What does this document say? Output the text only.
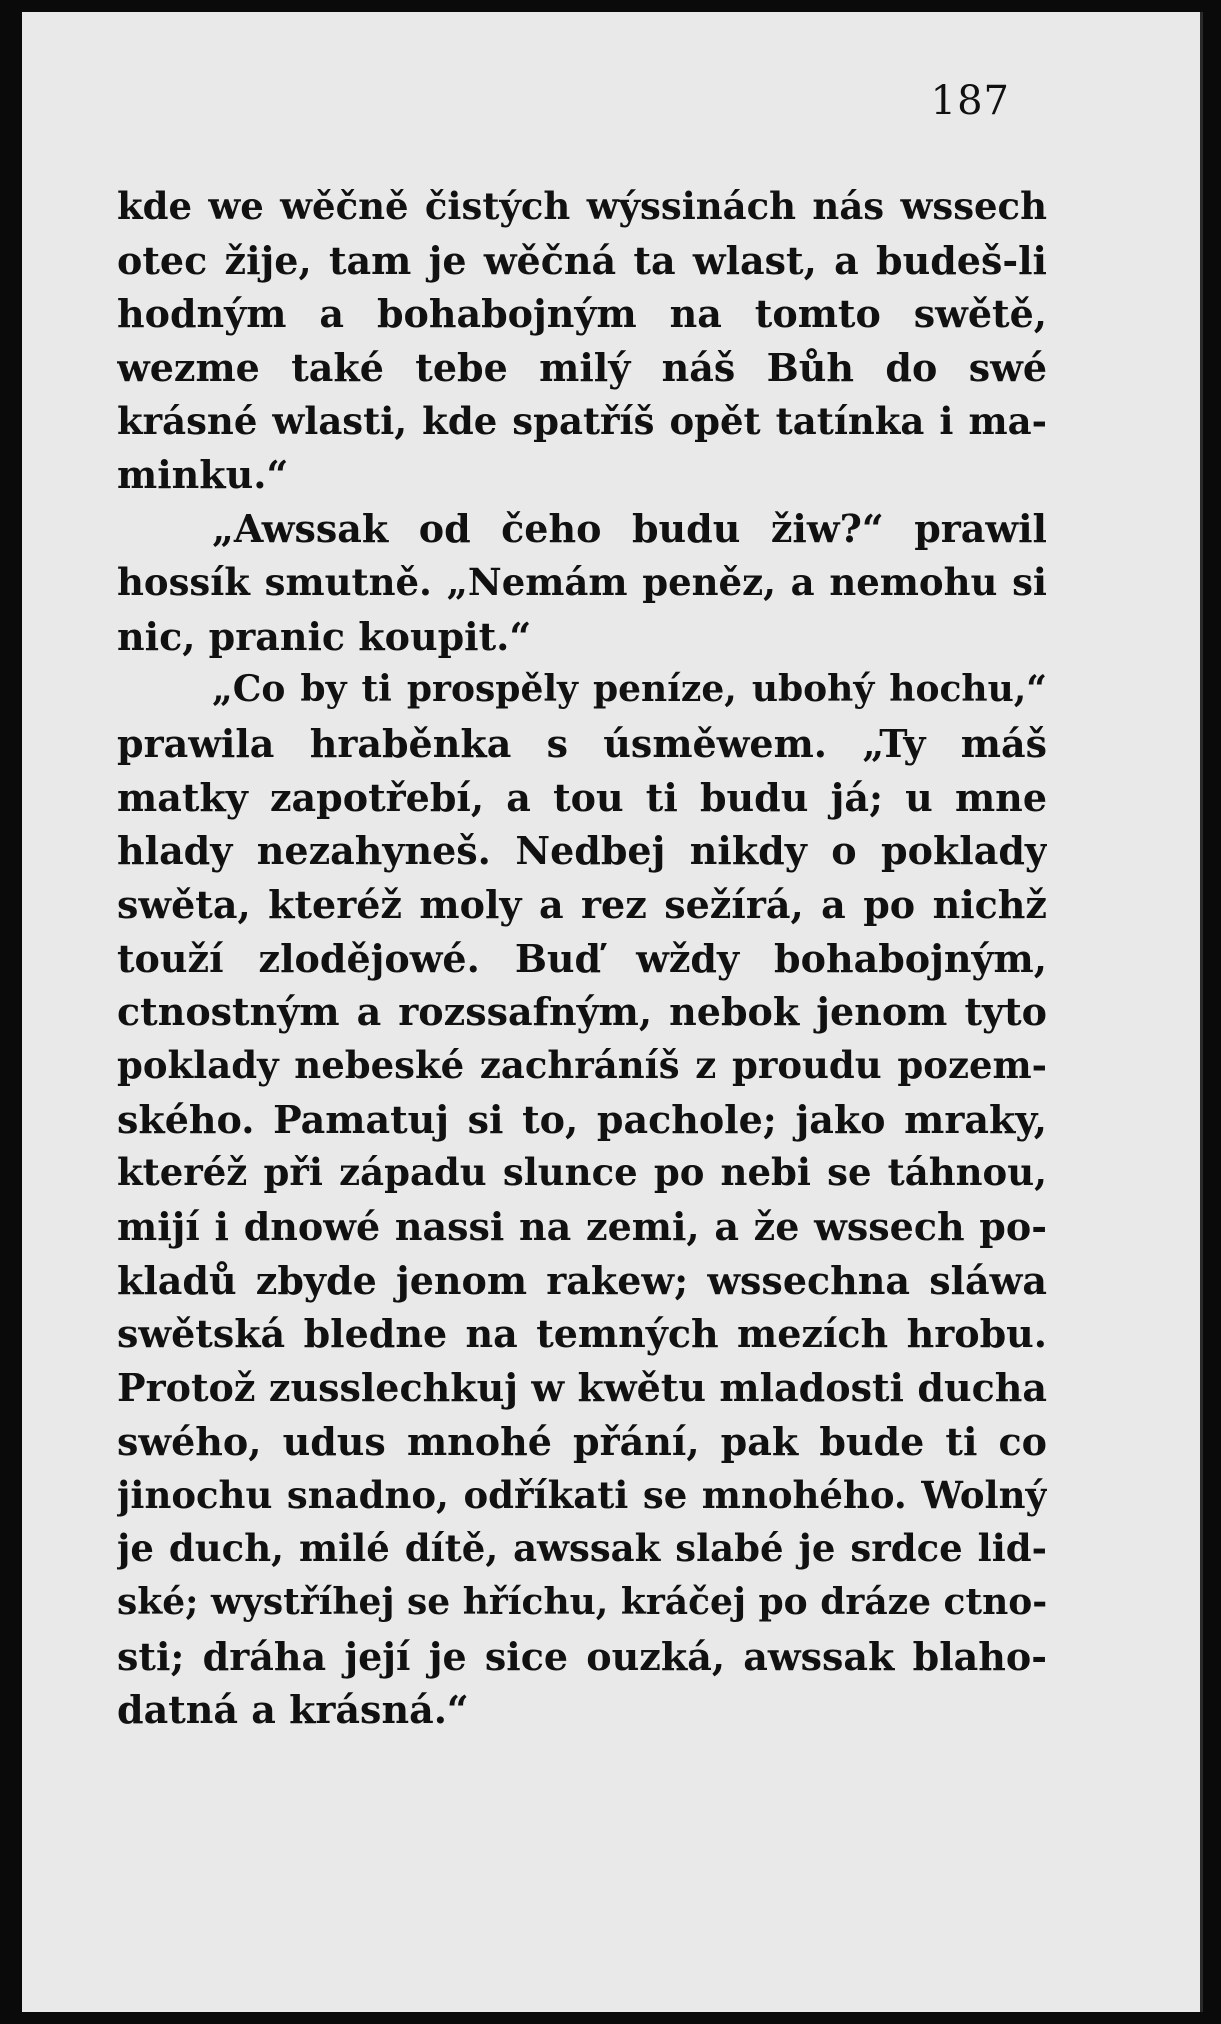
187
kde we wěčně čistých wýssinách nás wssech
otec žije, tam je wěčná ta wlast, a budeš-li
hodným a bohabojným na tomto swětě,
wezme také tebe milý náš Bůh do swé
krásné wlasti, kde spatříš opět tatínka i ma-
minku.“
„Awssak od čeho budu žiw?“ prawil
hossík smutně. „Nemám peněz, a nemohu si
nic, pranic koupit.“
„Co by ti prospěly peníze, ubohý hochu,“
prawila hraběnka s úsměwem. „Ty máš
matky zapotřebí, a tou ti budu já; u mne
hlady nezahyneš. Nedbej nikdy o poklady
swěta, kteréž moly a rez sežírá, a po nichž
touží zlodějowé. Buď wždy bohabojným,
ctnostným a rozssafným, nebok jenom tyto
poklady nebeské zachráníš z proudu pozem-
ského. Pamatuj si to, pachole; jako mraky,
kteréž při západu slunce po nebi se táhnou,
mijí i dnowé nassi na zemi, a že wssech po-
kladů zbyde jenom rakew; wssechna sláwa
swětská bledne na temných mezích hrobu.
Protož zusslechkuj w kwětu mladosti ducha
swého, udus mnohé přání, pak bude ti co
jinochu snadno, odříkati se mnohého. Wolný
je duch, milé dítě, awssak slabé je srdce lid-
ské; wystříhej se hříchu, kráčej po dráze ctno-
sti; dráha její je sice ouzká, awssak blaho-
datná a krásná.“
